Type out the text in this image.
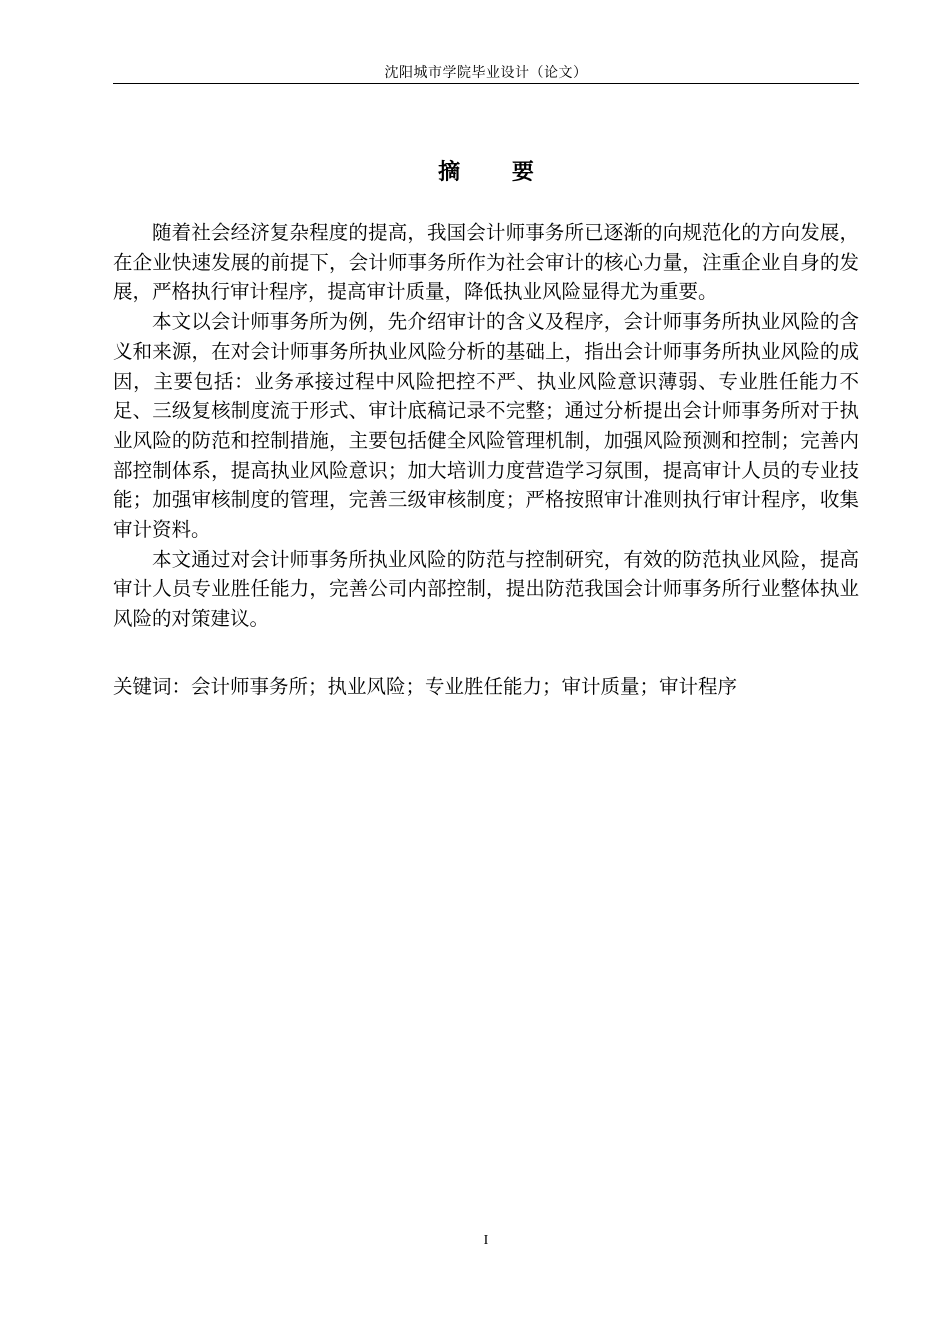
沈阳城市学院毕业设计（论文）
摘 要

随着社会经济复杂程度的提高，我国会计师事务所已逐渐的向规范化的方向发展，在企业快速发展的前提下，会计师事务所作为社会审计的核心力量，注重企业自身的发展，严格执行审计程序，提高审计质量，降低执业风险显得尤为重要。

本文以会计师事务所为例，先介绍审计的含义及程序，会计师事务所执业风险的含义和来源，在对会计师事务所执业风险分析的基础上，指出会计师事务所执业风险的成因，主要包括：业务承接过程中风险把控不严、执业风险意识薄弱、专业胜任能力不足、三级复核制度流于形式、审计底稿记录不完整；通过分析提出会计师事务所对于执业风险的防范和控制措施，主要包括健全风险管理机制，加强风险预测和控制；完善内部控制体系，提高执业风险意识；加大培训力度营造学习氛围，提高审计人员的专业技能；加强审核制度的管理，完善三级审核制度；严格按照审计准则执行审计程序，收集审计资料。

本文通过对会计师事务所执业风险的防范与控制研究，有效的防范执业风险，提高审计人员专业胜任能力，完善公司内部控制，提出防范我国会计师事务所行业整体执业风险的对策建议。

关键词：会计师事务所；执业风险；专业胜任能力；审计质量；审计程序
I
